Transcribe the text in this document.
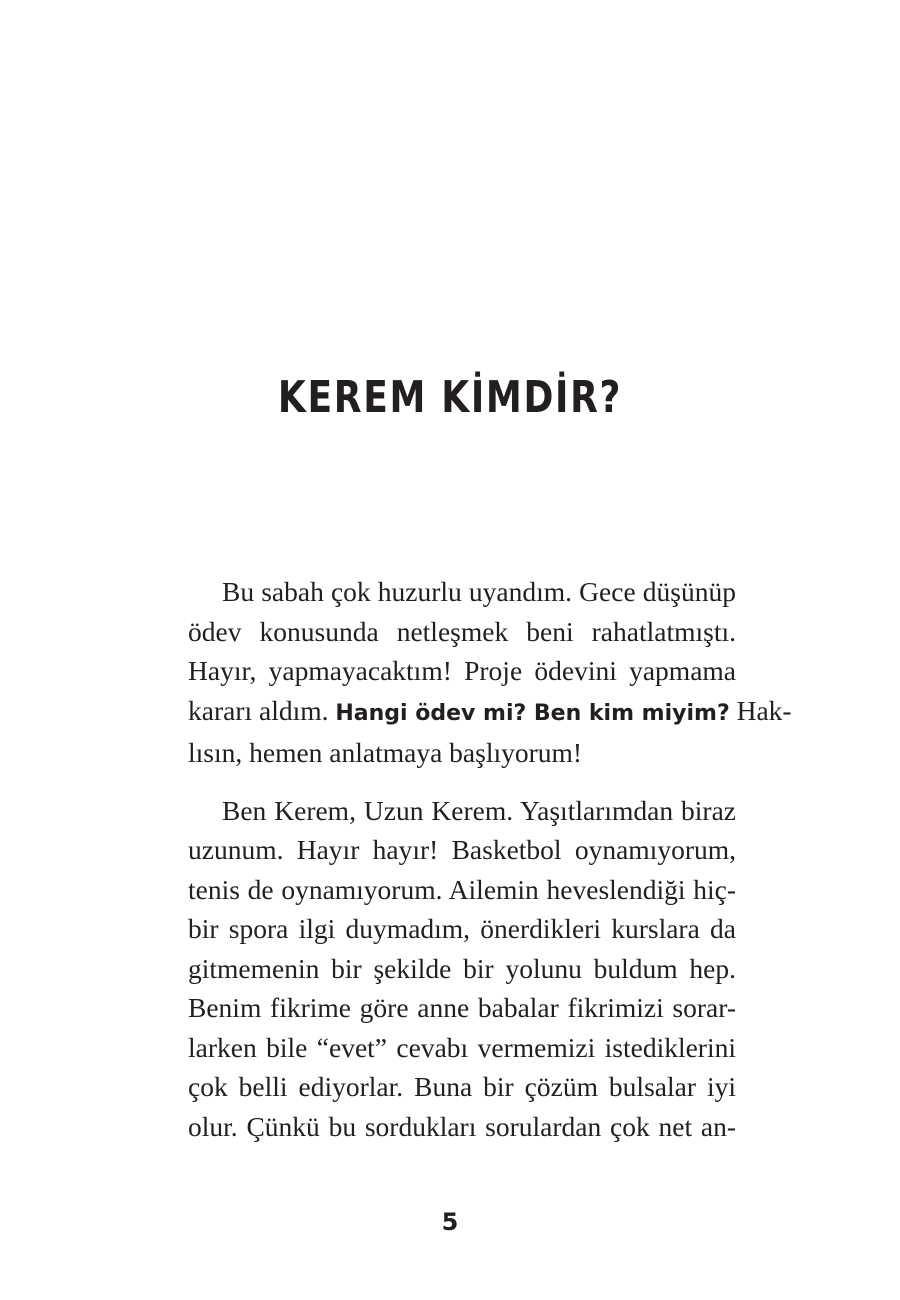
KEREM KİMDİR?
Bu sabah çok huzurlu uyandım. Gece düşünüp
ödev konusunda netleşmek beni rahatlatmıştı.
Hayır, yapmayacaktım! Proje ödevini yapmama
kararı aldım. Hangi ödev mi? Ben kim miyim? Hak-
lısın, hemen anlatmaya başlıyorum!
Ben Kerem, Uzun Kerem. Yaşıtlarımdan biraz
uzunum. Hayır hayır! Basketbol oynamıyorum,
tenis de oynamıyorum. Ailemin heveslendiği hiç-
bir spora ilgi duymadım, önerdikleri kurslara da
gitmemenin bir şekilde bir yolunu buldum hep.
Benim fikrime göre anne babalar fikrimizi sorar-
larken bile “evet” cevabı vermemizi istediklerini
çok belli ediyorlar. Buna bir çözüm bulsalar iyi
olur. Çünkü bu sordukları sorulardan çok net an-
5
